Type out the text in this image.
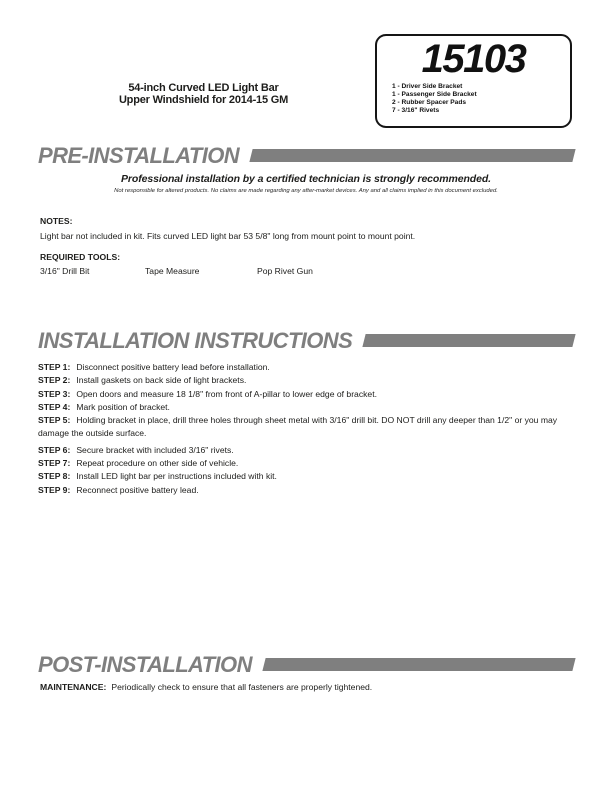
54-inch Curved LED Light Bar
Upper Windshield for 2014-15 GM
15103
1 - Driver Side Bracket
1 - Passenger Side Bracket
2 - Rubber Spacer Pads
7 - 3/16" Rivets
PRE-INSTALLATION
Professional installation by a certified technician is strongly recommended.
Not responsible for altered products. No claims are made regarding any after-market devices. Any and all claims implied in this document excluded.
NOTES:
Light bar not included in kit. Fits curved LED light bar 53 5/8" long from mount point to mount point.
REQUIRED TOOLS:
3/16" Drill Bit	Tape Measure	Pop Rivet Gun
INSTALLATION INSTRUCTIONS

STEP 1: Disconnect positive battery lead before installation.

STEP 2: Install gaskets on back side of light brackets.

STEP 3: Open doors and measure 18 1/8" from front of A-pillar to lower edge of bracket.

STEP 4: Mark position of bracket.

STEP 5: Holding bracket in place, drill three holes through sheet metal with 3/16" drill bit. DO NOT drill any deeper than 1/2" or you may damage the outside surface.

STEP 6: Secure bracket with included 3/16" rivets.

STEP 7: Repeat procedure on other side of vehicle.

STEP 8: Install LED light bar per instructions included with kit.

STEP 9: Reconnect positive battery lead.

POST-INSTALLATION

MAINTENANCE: Periodically check to ensure that all fasteners are properly tightened.
